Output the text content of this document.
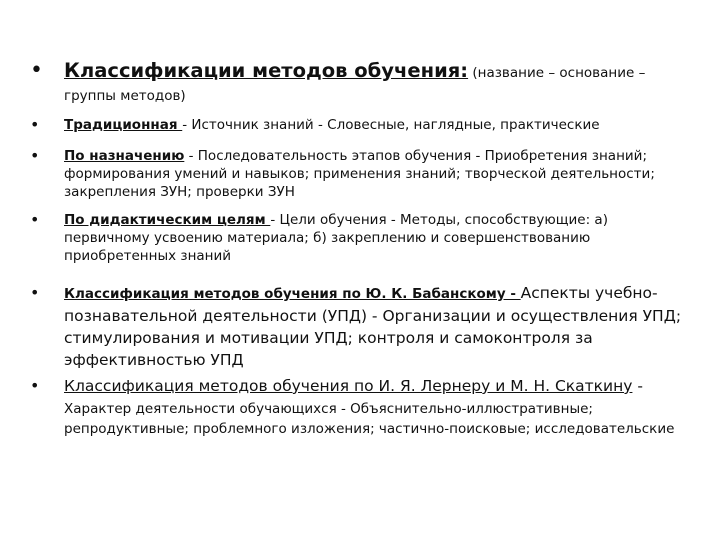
•	Классификации методов обучения: (название – основание –
группы методов)
•	Традиционная - Источник знаний - Словесные, наглядные, практические
•	По назначению - Последовательность этапов обучения - Приобретения знаний; формирования умений и навыков; применения знаний; творческой деятельности; закрепления ЗУН; проверки ЗУН
•	По дидактическим целям - Цели обучения - Методы, способствующие: а) первичному усвоению материала; б) закреплению и совершенствованию приобретенных знаний
•	Классификация методов обучения по Ю. К. Бабанскому - Аспекты учебно-познавательной деятельности (УПД) - Организации и осуществления УПД; стимулирования и мотивации УПД; контроля и самоконтроля за эффективностью УПД
•	Классификация методов обучения по И. Я. Лернеру и М. Н. Скаткину -
Характер деятельности обучающихся - Объяснительно-иллюстративные; репродуктивные; проблемного изложения; частично-поисковые; исследовательские
